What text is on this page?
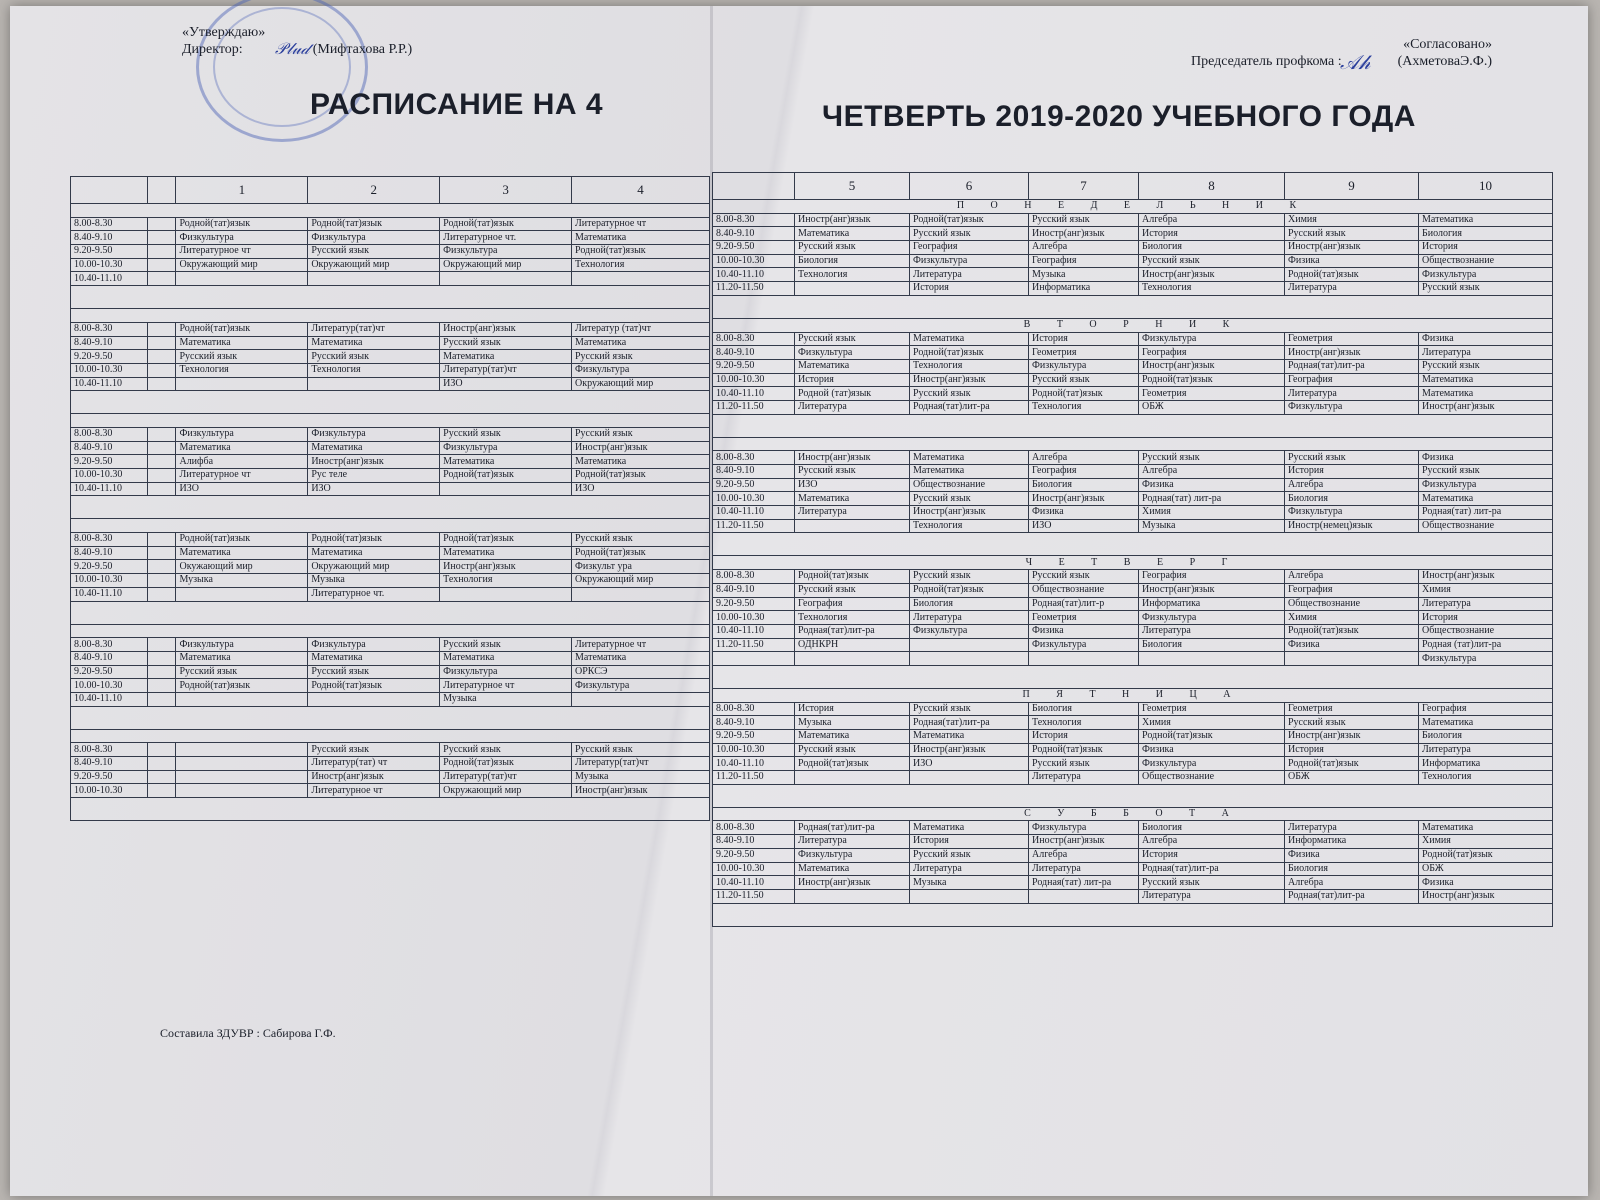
«Утверждаю»
Директор:	(Мифтахова Р.Р.)
𝒫𝓁𝓊𝒹	«Согласовано»
Председатель профкома :	(АхметоваЭ.Ф.)
𝒜𝒽
РАСПИСАНИЕ НА 4	ЧЕТВЕРТЬ 2019-2020 УЧЕБНОГО ГОДА
		1	2	3	4

8.00-8.30		Родной(тат)язык	Родной(тат)язык	Родной(тат)язык	Литературное чт
8.40-9.10		Физкультура	Физкультура	Литературное чт.	Математика
9.20-9.50		Литературное чт	Русский язык	Физкультура	Родной(тат)язык
10.00-10.30		Окружающий мир	Окружающий мир	Окружающий мир	Технология
10.40-11.10					

8.00-8.30		Родной(тат)язык	Литератур(тат)чт	Иностр(анг)язык	Литератур (тат)чт
8.40-9.10		Математика	Математика	Русский язык	Математика
9.20-9.50		Русский язык	Русский язык	Математика	Русский язык
10.00-10.30		Технология	Технология	Литератур(тат)чт	Физкультура
10.40-11.10				ИЗО	Окружающий мир

8.00-8.30		Физкультура	Физкультура	Русский язык	Русский язык
8.40-9.10		Математика	Математика	Физкультура	Иностр(анг)язык
9.20-9.50		Алифба	Иностр(анг)язык	Математика	Математика
10.00-10.30		Литературное чт	Рус теле	Родной(тат)язык	Родной(тат)язык
10.40-11.10		ИЗО	ИЗО		ИЗО

8.00-8.30		Родной(тат)язык	Родной(тат)язык	Родной(тат)язык	Русский язык
8.40-9.10		Математика	Математика	Математика	Родной(тат)язык
9.20-9.50		Окужающий мир	Окружающий мир	Иностр(анг)язык	Физкульт ура
10.00-10.30		Музыка	Музыка	Технология	Окружающий мир
10.40-11.10			Литературное чт.		

8.00-8.30		Физкультура	Физкультура	Русский язык	Литературное чт
8.40-9.10		Математика	Математика	Математика	Математика
9.20-9.50		Русский язык	Русский язык	Физкультура	ОРКСЭ
10.00-10.30		Родной(тат)язык	Родной(тат)язык	Литературное чт	Физкультура
10.40-11.10				Музыка	

8.00-8.30			Русский язык	Русский язык	Русский язык
8.40-9.10			Литератур(тат) чт	Родной(тат)язык	Литератур(тат)чт
9.20-9.50			Иностр(анг)язык	Литератур(тат)чт	Музыка
10.00-10.30			Литературное чт	Окружающий мир	Иностр(анг)язык

	5	6	7	8	9	10
П О Н Е Д Е Л Ь Н И К						
8.00-8.30	Иностр(анг)язык	Родной(тат)язык	Русский язык	Алгебра	Химия	Математика
8.40-9.10	Математика	Русский язык	Иностр(анг)язык	История	Русский язык	Биология
9.20-9.50	Русский язык	География	Алгебра	Биология	Иностр(анг)язык	История
10.00-10.30	Биология	Физкультура	География	Русский язык	Физика	Обществознание
10.40-11.10	Технология	Литература	Музыка	Иностр(анг)язык	Родной(тат)язык	Физкультура
11.20-11.50		История	Информатика	Технология	Литература	Русский язык

В Т О Р Н И К						
8.00-8.30	Русский язык	Математика	История	Физкультура	Геометрия	Физика
8.40-9.10	Физкультура	Родной(тат)язык	Геометрия	География	Иностр(анг)язык	Литература
9.20-9.50	Математика	Технология	Физкультура	Иностр(анг)язык	Родная(тат)лит-ра	Русский язык
10.00-10.30	История	Иностр(анг)язык	Русский язык	Родной(тат)язык	География	Математика
10.40-11.10	Родной (тат)язык	Русский язык	Родной(тат)язык	Геометрия	Литература	Математика
11.20-11.50	Литература	Родная(тат)лит-ра	Технология	ОБЖ	Физкультура	Иностр(анг)язык

8.00-8.30	Иностр(анг)язык	Математика	Алгебра	Русский язык	Русский язык	Физика
8.40-9.10	Русский язык	Математика	География	Алгебра	История	Русский язык
9.20-9.50	ИЗО	Обществознание	Биология	Физика	Алгебра	Физкультура
10.00-10.30	Математика	Русский язык	Иностр(анг)язык	Родная(тат) лит-ра	Биология	Математика
10.40-11.10	Литература	Иностр(анг)язык	Физика	Химия	Физкультура	Родная(тат) лит-ра
11.20-11.50		Технология	ИЗО	Музыка	Иностр(немец)язык	Обществознание

Ч Е Т В Е Р Г						
8.00-8.30	Родной(тат)язык	Русский язык	Русский язык	География	Алгебра	Иностр(анг)язык
8.40-9.10	Русский язык	Родной(тат)язык	Обществознание	Иностр(анг)язык	География	Химия
9.20-9.50	География	Биология	Родная(тат)лит-р	Информатика	Обществознание	Литература
10.00-10.30	Технология	Литература	Геометрия	Физкультура	Химия	История
10.40-11.10	Родная(тат)лит-ра	Физкультура	Физика	Литература	Родной(тат)язык	Обществознание
11.20-11.50	ОДНКРН		Физкультура	Биология	Физика	Родная (тат)лит-ра
						Физкультура

П Я Т Н И Ц А						
8.00-8.30	История	Русский язык	Биология	Геометрия	Геометрия	География
8.40-9.10	Музыка	Родная(тат)лит-ра	Технология	Химия	Русский язык	Математика
9.20-9.50	Математика	Математика	История	Родной(тат)язык	Иностр(анг)язык	Биология
10.00-10.30	Русский язык	Иностр(анг)язык	Родной(тат)язык	Физика	История	Литература
10.40-11.10	Родной(тат)язык	ИЗО	Русский язык	Физкультура	Родной(тат)язык	Информатика
11.20-11.50			Литература	Обществознание	ОБЖ	Технология

С У Б Б О Т А						
8.00-8.30	Родная(тат)лит-ра	Математика	Физкультура	Биология	Литература	Математика
8.40-9.10	Литература	История	Иностр(анг)язык	Алгебра	Информатика	Химия
9.20-9.50	Физкультура	Русский язык	Алгебра	История	Физика	Родной(тат)язык
10.00-10.30	Математика	Литература	Литература	Родная(тат)лит-ра	Биология	ОБЖ
10.40-11.10	Иностр(анг)язык	Музыка	Родная(тат) лит-ра	Русский язык	Алгебра	Физика
11.20-11.50				Литература	Родная(тат)лит-ра	Иностр(анг)язык

Составила ЗДУВР : Сабирова Г.Ф.
